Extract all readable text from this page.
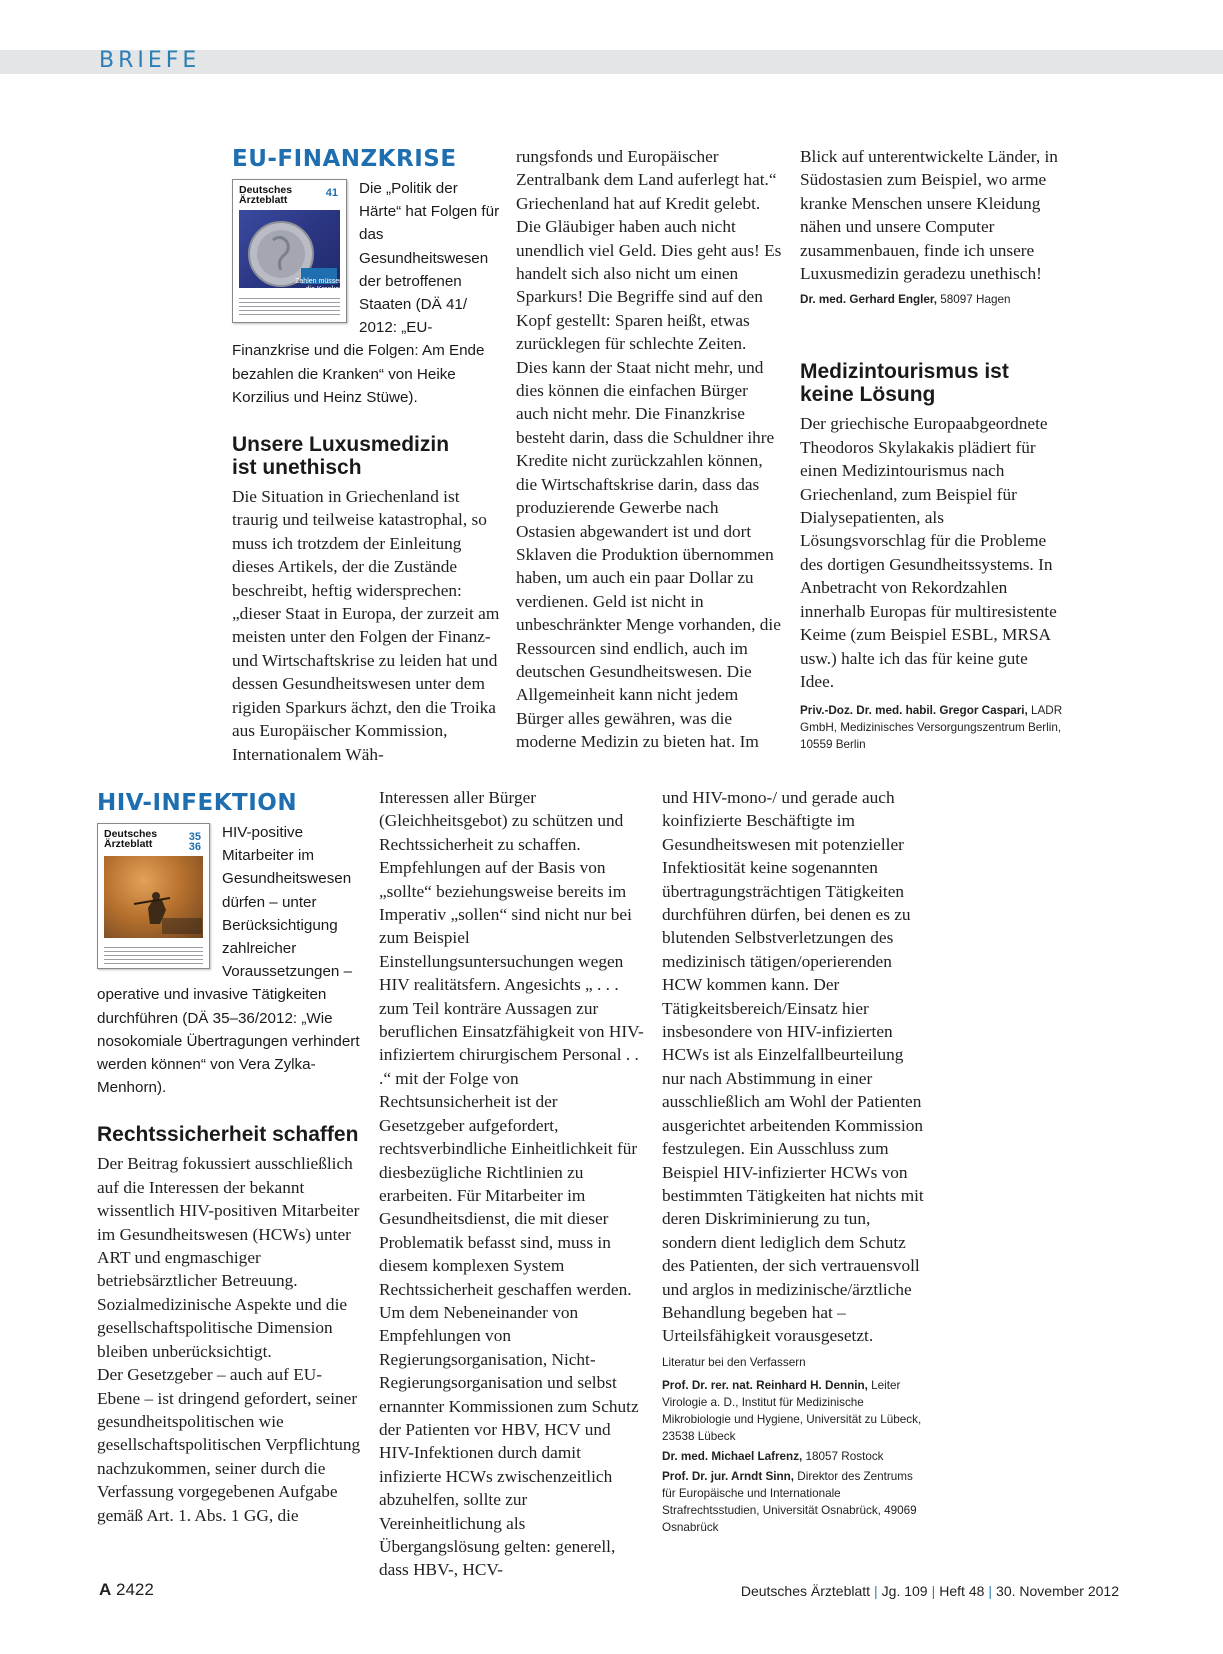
BRIEFE
EU-FINANZKRISE
Deutsches
Ärzteblatt
41
Zahlen müssen die Kranken
Die „Politik der Härte“ hat Folgen für das Gesundheitswesen der betroffenen Staaten (DÄ 41/ 2012: „EU-Finanzkrise und die Folgen: Am Ende bezahlen die Kranken“ von Heike Korzilius und Heinz Stüwe).
Unsere Luxusmedizin ist unethisch

Die Situation in Griechenland ist traurig und teilweise katastrophal, so muss ich trotzdem der Einleitung dieses Artikels, der die Zustände beschreibt, heftig widersprechen: „dieser Staat in Europa, der zurzeit am meisten unter den Folgen der Finanz- und Wirtschaftskrise zu leiden hat und dessen Gesundheitswesen unter dem rigiden Sparkurs ächzt, den die Troika aus Europäischer Kommission, Internationalem Wäh-

rungsfonds und Europäischer Zentralbank dem Land auferlegt hat.“ Griechenland hat auf Kredit gelebt. Die Gläubiger haben auch nicht unendlich viel Geld. Dies geht aus! Es handelt sich also nicht um einen Sparkurs! Die Begriffe sind auf den Kopf gestellt: Sparen heißt, etwas zurücklegen für schlechte Zeiten. Dies kann der Staat nicht mehr, und dies können die einfachen Bürger auch nicht mehr. Die Finanzkrise besteht darin, dass die Schuldner ihre Kredite nicht zurückzahlen können, die Wirtschaftskrise darin, dass das produzierende Gewerbe nach Ostasien abgewandert ist und dort Sklaven die Produktion übernommen haben, um auch ein paar Dollar zu verdienen. Geld ist nicht in unbeschränkter Menge vorhanden, die Ressourcen sind endlich, auch im deutschen Gesundheitswesen. Die Allgemeinheit kann nicht jedem Bürger alles gewähren, was die moderne Medizin zu bieten hat. Im

Blick auf unterentwickelte Länder, in Südostasien zum Beispiel, wo arme kranke Menschen unsere Kleidung nähen und unsere Computer zusammenbauen, finde ich unsere Luxusmedizin geradezu unethisch!

Dr. med. Gerhard Engler, 58097 Hagen
Medizintourismus ist keine Lösung

Der griechische Europaabgeordnete Theodoros Skylakakis plädiert für einen Medizintourismus nach Griechenland, zum Beispiel für Dialysepatienten, als Lösungsvorschlag für die Probleme des dortigen Gesundheitssystems. In Anbetracht von Rekordzahlen innerhalb Europas für multiresistente Keime (zum Beispiel ESBL, MRSA usw.) halte ich das für keine gute Idee.

Priv.-Doz. Dr. med. habil. Gregor Caspari, LADR GmbH, Medizinisches Versorgungszentrum Berlin, 10559 Berlin
HIV-INFEKTION
Deutsches
Ärzteblatt
35
36
HIV-positive Mitarbeiter im Gesundheitswesen dürfen – unter Berücksichtigung zahlreicher Voraussetzungen – operative und invasive Tätigkeiten durchführen (DÄ 35–36/2012: „Wie nosokomiale Übertragungen verhindert werden können“ von Vera Zylka-Menhorn).
Rechtssicherheit schaffen

Der Beitrag fokussiert ausschließlich auf die Interessen der bekannt wissentlich HIV-positiven Mitarbeiter im Gesundheitswesen (HCWs) unter ART und engmaschiger betriebsärztlicher Betreuung. Sozialmedizinische Aspekte und die gesellschaftspolitische Dimension bleiben unberücksichtigt.

Der Gesetzgeber – auch auf EU-Ebene – ist dringend gefordert, seiner gesundheitspolitischen wie gesellschaftspolitischen Verpflichtung nachzukommen, seiner durch die Verfassung vorgegebenen Aufgabe gemäß Art. 1. Abs. 1 GG, die

Interessen aller Bürger (Gleichheitsgebot) zu schützen und Rechtssicherheit zu schaffen. Empfehlungen auf der Basis von „sollte“ beziehungsweise bereits im Imperativ „sollen“ sind nicht nur bei zum Beispiel Einstellungsuntersuchungen wegen HIV realitätsfern. Angesichts „ . . . zum Teil konträre Aussagen zur beruflichen Einsatzfähigkeit von HIV-infiziertem chirurgischem Personal . . .“ mit der Folge von Rechtsunsicherheit ist der Gesetzgeber aufgefordert, rechtsverbindliche Einheitlichkeit für diesbezügliche Richtlinien zu erarbeiten. Für Mitarbeiter im Gesundheitsdienst, die mit dieser Problematik befasst sind, muss in diesem komplexen System Rechtssicherheit geschaffen werden.

Um dem Nebeneinander von Empfehlungen von Regierungsorganisation, Nicht-Regierungsorganisation und selbst ernannter Kommissionen zum Schutz der Patienten vor HBV, HCV und HIV-Infektionen durch damit infizierte HCWs zwischenzeitlich abzuhelfen, sollte zur Vereinheitlichung als Übergangslösung gelten: generell, dass HBV-, HCV-

und HIV-mono-/ und gerade auch koinfizierte Beschäftigte im Gesundheitswesen mit potenzieller Infektiosität keine sogenannten übertragungsträchtigen Tätigkeiten durchführen dürfen, bei denen es zu blutenden Selbstverletzungen des medizinisch tätigen/operierenden HCW kommen kann. Der Tätigkeitsbereich/Einsatz hier insbesondere von HIV-infizierten HCWs ist als Einzelfallbeurteilung nur nach Abstimmung in einer ausschließlich am Wohl der Patienten ausgerichtet arbeitenden Kommission festzulegen. Ein Ausschluss zum Beispiel HIV-infizierter HCWs von bestimmten Tätigkeiten hat nichts mit deren Diskriminierung zu tun, sondern dient lediglich dem Schutz des Patienten, der sich vertrauensvoll und arglos in medizinische/ärztliche Behandlung begeben hat – Urteilsfähigkeit vorausgesetzt.

Literatur bei den Verfassern
Prof. Dr. rer. nat. Reinhard H. Dennin, Leiter Virologie a. D., Institut für Medizinische Mikrobiologie und Hygiene, Universität zu Lübeck, 23538 Lübeck
Dr. med. Michael Lafrenz, 18057 Rostock
Prof. Dr. jur. Arndt Sinn, Direktor des Zentrums für Europäische und Internationale Strafrechtsstudien, Universität Osnabrück, 49069 Osnabrück
A 2422	Deutsches Ärzteblatt | Jg. 109 | Heft 48 | 30. November 2012
